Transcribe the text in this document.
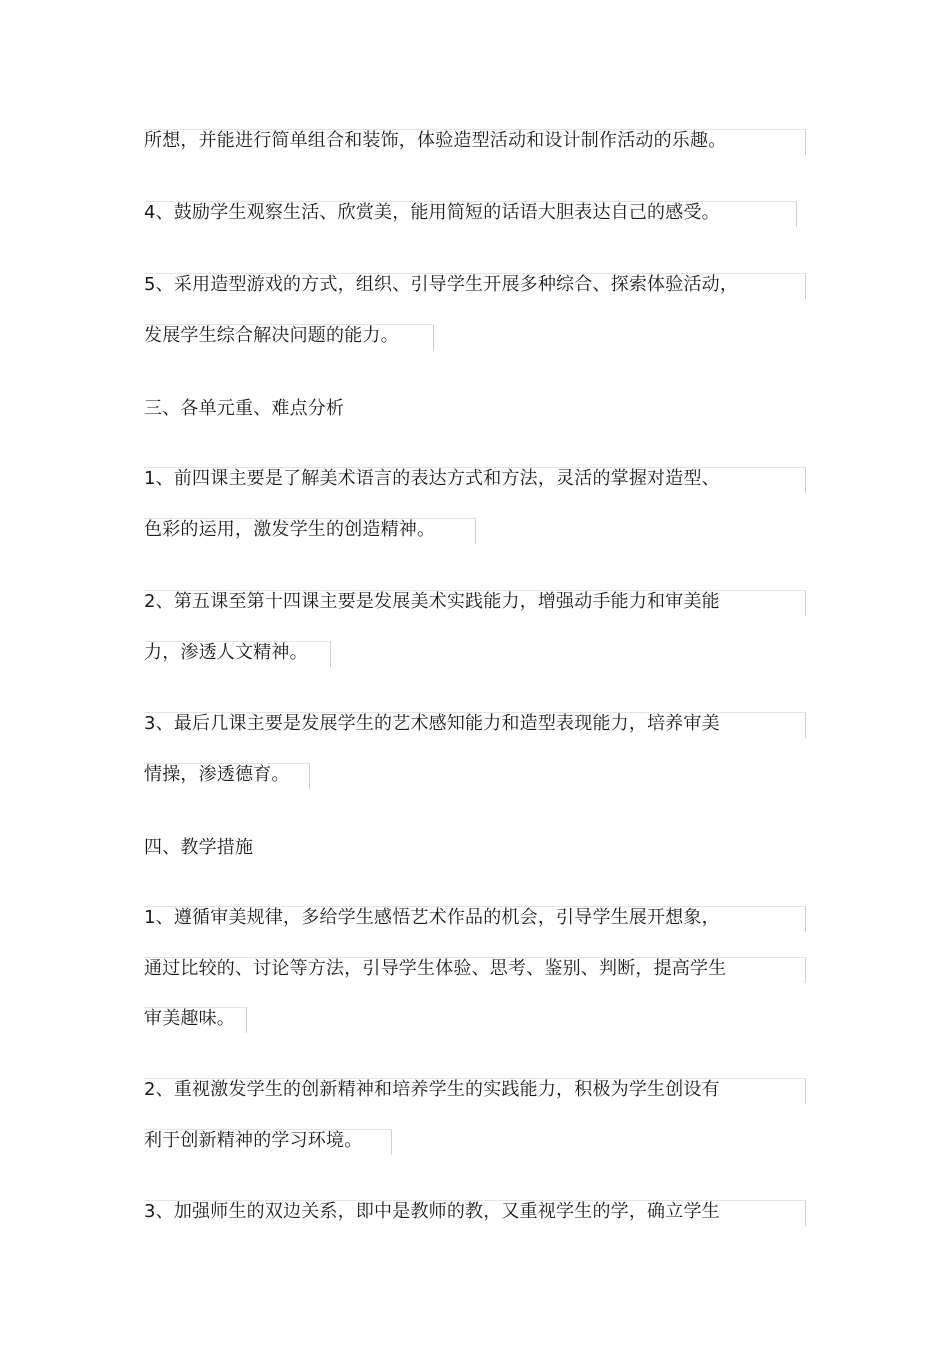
所想，并能进行简单组合和装饰，体验造型活动和设计制作活动的乐趣。
4、鼓励学生观察生活、欣赏美，能用简短的话语大胆表达自己的感受。
5、采用造型游戏的方式，组织、引导学生开展多种综合、探索体验活动，
发展学生综合解决问题的能力。
三、各单元重、难点分析
1、前四课主要是了解美术语言的表达方式和方法，灵活的掌握对造型、
色彩的运用，激发学生的创造精神。
2、第五课至第十四课主要是发展美术实践能力，增强动手能力和审美能
力，渗透人文精神。
3、最后几课主要是发展学生的艺术感知能力和造型表现能力，培养审美
情操，渗透德育。
四、教学措施
1、遵循审美规律，多给学生感悟艺术作品的机会，引导学生展开想象，
通过比较的、讨论等方法，引导学生体验、思考、鉴别、判断，提高学生
审美趣味。
2、重视激发学生的创新精神和培养学生的实践能力，积极为学生创设有
利于创新精神的学习环境。
3、加强师生的双边关系，即中是教师的教，又重视学生的学，确立学生
